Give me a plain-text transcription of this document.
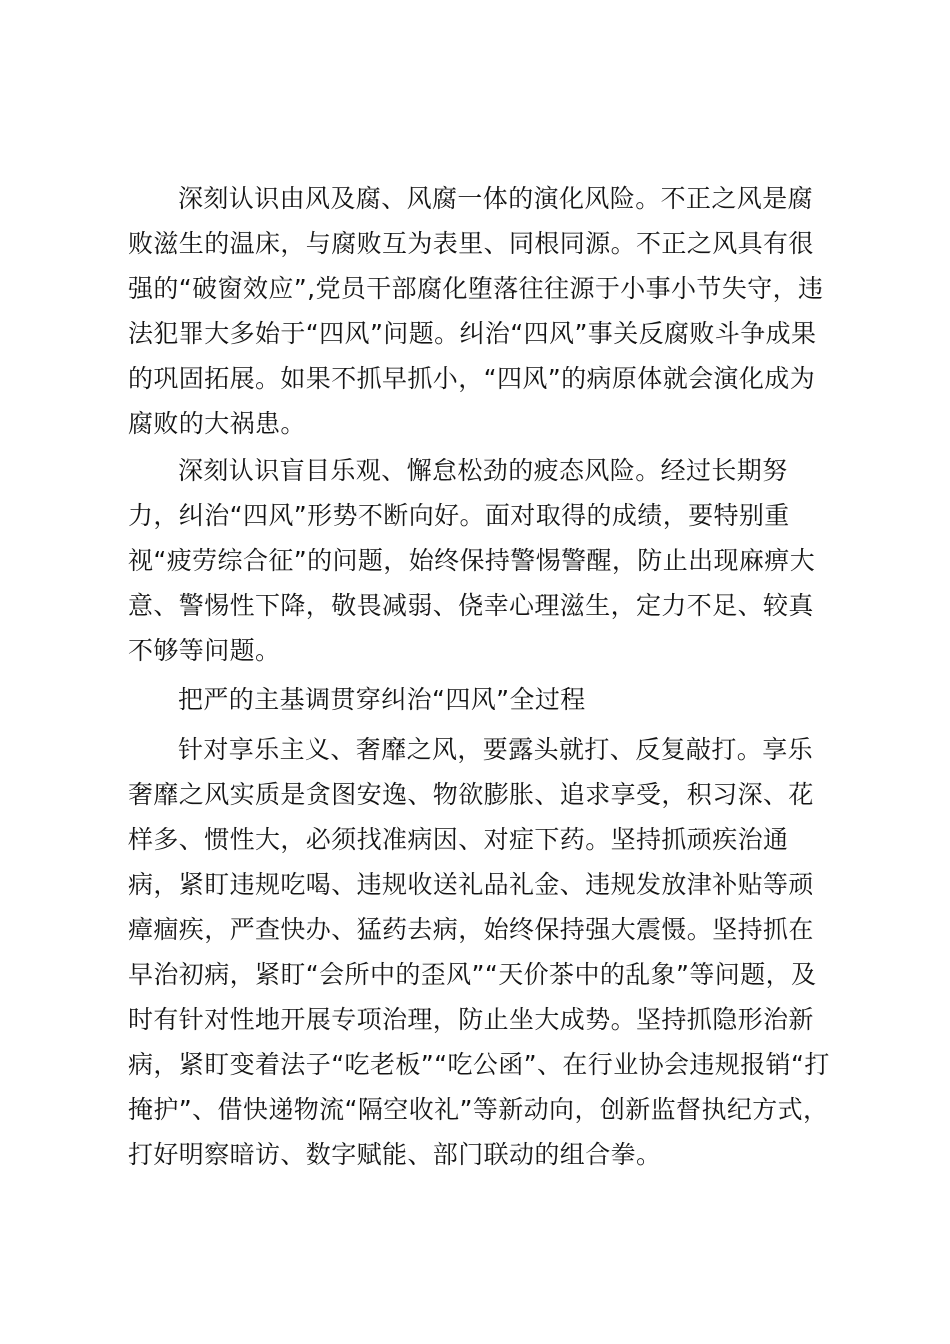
深刻认识由风及腐、风腐一体的演化风险。不正之风是腐
败滋生的温床，与腐败互为表里、同根同源。不正之风具有很
强的“破窗效应”,党员干部腐化堕落往往源于小事小节失守，违
法犯罪大多始于“四风”问题。纠治“四风”事关反腐败斗争成果
的巩固拓展。如果不抓早抓小，“四风”的病原体就会演化成为
腐败的大祸患。
深刻认识盲目乐观、懈怠松劲的疲态风险。经过长期努
力，纠治“四风”形势不断向好。面对取得的成绩，要特别重
视“疲劳综合征”的问题，始终保持警惕警醒，防止出现麻痹大
意、警惕性下降，敬畏减弱、侥幸心理滋生，定力不足、较真
不够等问题。
把严的主基调贯穿纠治“四风”全过程
针对享乐主义、奢靡之风，要露头就打、反复敲打。享乐
奢靡之风实质是贪图安逸、物欲膨胀、追求享受，积习深、花
样多、惯性大，必须找准病因、对症下药。坚持抓顽疾治通
病，紧盯违规吃喝、违规收送礼品礼金、违规发放津补贴等顽
瘴痼疾，严查快办、猛药去病，始终保持强大震慑。坚持抓在
早治初病，紧盯“会所中的歪风”“天价茶中的乱象”等问题，及
时有针对性地开展专项治理，防止坐大成势。坚持抓隐形治新
病，紧盯变着法子“吃老板”“吃公函”、在行业协会违规报销“打
掩护”、借快递物流“隔空收礼”等新动向，创新监督执纪方式，
打好明察暗访、数字赋能、部门联动的组合拳。
